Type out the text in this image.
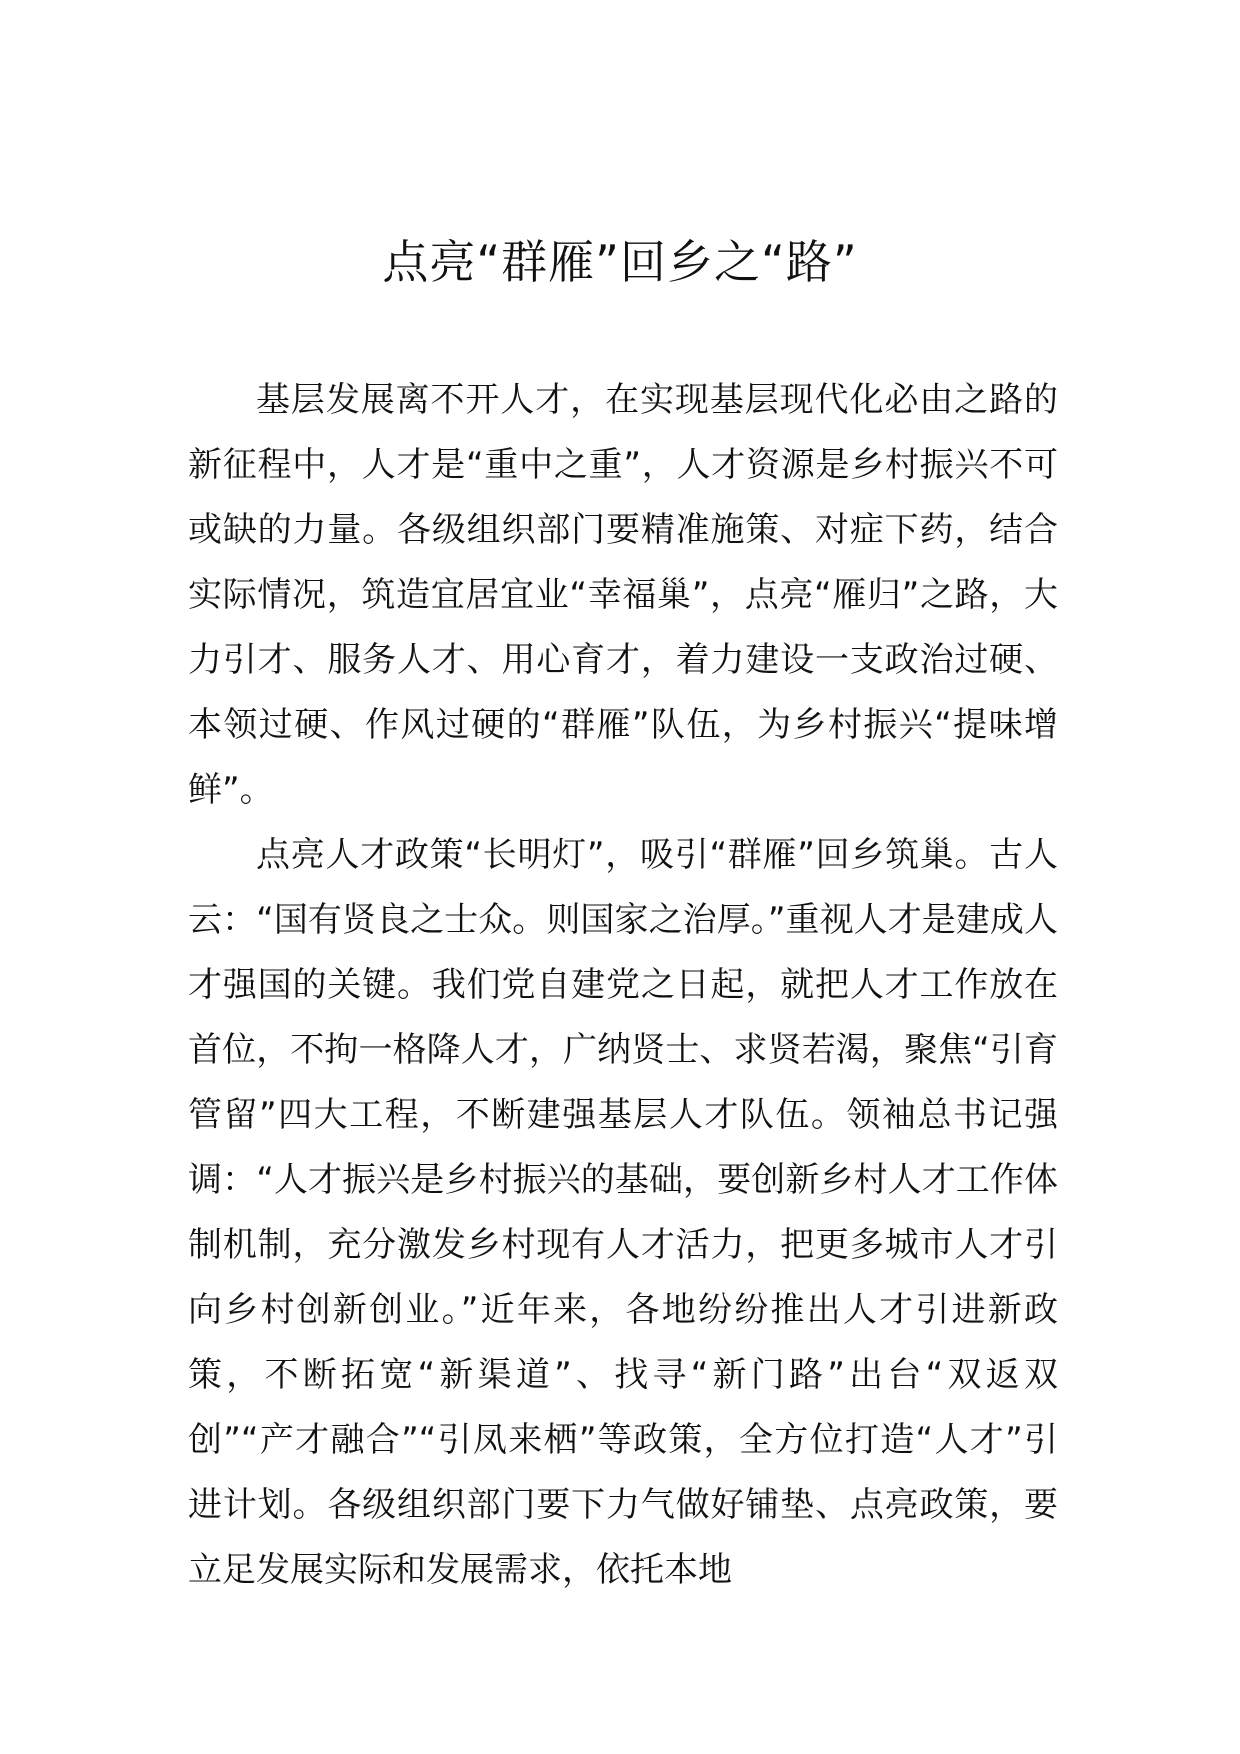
点亮“群雁”回乡之“路”

基层发展离不开人才，在实现基层现代化必由之路的新征程中，人才是“重中之重”，人才资源是乡村振兴不可或缺的力量。各级组织部门要精准施策、对症下药，结合实际情况，筑造宜居宜业“幸福巢”，点亮“雁归”之路，大力引才、服务人才、用心育才，着力建设一支政治过硬、本领过硬、作风过硬的“群雁”队伍，为乡村振兴“提味增鲜”。

点亮人才政策“长明灯”，吸引“群雁”回乡筑巢。古人云：“国有贤良之士众。则国家之治厚。”重视人才是建成人才强国的关键。我们党自建党之日起，就把人才工作放在首位，不拘一格降人才，广纳贤士、求贤若渴，聚焦“引育管留”四大工程，不断建强基层人才队伍。领袖总书记强调：“人才振兴是乡村振兴的基础，要创新乡村人才工作体制机制，充分激发乡村现有人才活力，把更多城市人才引向乡村创新创业。”近年来，各地纷纷推出人才引进新政策，不断拓宽“新渠道”、找寻“新门路”出台“双返双创”“产才融合”“引凤来栖”等政策，全方位打造“人才”引进计划。各级组织部门要下力气做好铺垫、点亮政策，要立足发展实际和发展需求，依托本地
